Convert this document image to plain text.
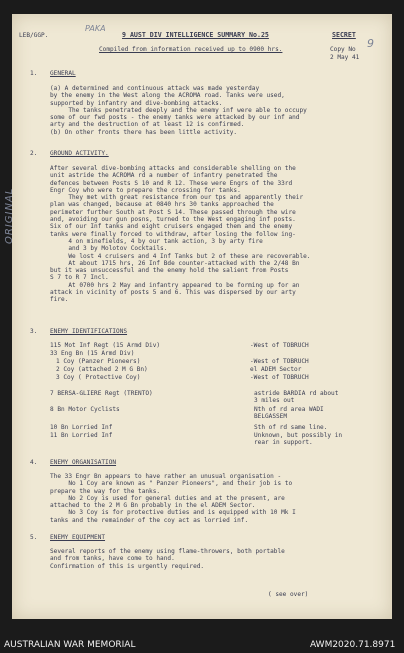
LEB/GGP.
PAKA
9 AUST DIV INTELLIGENCE SUMMARY No.25	SECRET
Compiled from information received up to 0900 hrs.	Copy No 9
2 May 41
ORIGINAL
1. GENERAL
(a) A determined and continuous attack was made yesterday
by the enemy in the West along the ACROMA road. Tanks were used,
supported by infantry and dive-bombing attacks.
The tanks penetrated deeply and the enemy inf were able to occupy
some of our fwd posts - the enemy tanks were attacked by our inf and
arty and the destruction of at least 12 is confirmed.
(b) On other fronts there has been little activity.
2. GROUND ACTIVITY.
After several dive-bombing attacks and considerable shelling on the
unit astride the ACROMA rd a number of infantry penetrated the
defences between Posts S 10 and R 12. These were Engrs of the 33rd
Engr Coy who were to prepare the crossing for tanks.
They met with great resistance from our tps and apparently their
plan was changed, because at 0840 hrs 30 tanks approached the
perimeter further South at Post S 14. These passed through the wire
and, avoiding our gun posns, turned to the West engaging inf posts.
Six of our Inf tanks and eight cruisers engaged them and the enemy
tanks were finally forced to withdraw, after losing the follow ing-
4 on minefields, 4 by our tank action, 3 by arty fire
and 3 by Molotov Cocktails.
We lost 4 cruisers and 4 Inf Tanks but 2 of these are recoverable.
At about 1715 hrs, 26 Inf Bde counter-attacked with the 2/48 Bn
but it was unsuccessful and the enemy hold the salient from Posts
S 7 to R 7 Incl.
At 0700 hrs 2 May and infantry appeared to be forming up for an
attack in vicinity of posts 5 and 6. This was dispersed by our arty
fire.
3. ENEMY IDENTIFICATIONS
115 Mot Inf Regt (15 Armd Div)	-West of TOBRUCH
33 Eng Bn (15 Armd Div)
1 Coy (Panzer Pioneers)	-West of TOBRUCH
2 Coy (attached 2 M G Bn)	el ADEM Sector
3 Coy ( Protective Coy)	-West of TOBRUCH
7 BERSA-GLIERE Regt (TRENTO)	astride BARDIA rd about
3 miles out
8 Bn Motor Cyclists	Nth of rd area WADI
BELGASSEM
10 Bn Lorried Inf	Sth of rd same line.
11 Bn Lorried Inf	Unknown, but possibly in
rear in support.
4. ENEMY ORGANISATION
The 33 Engr Bn appears to have rather an unusual organisation -
No 1 Coy are known as " Panzer Pioneers", and their job is to
prepare the way for the tanks.
No 2 Coy is used for general duties and at the present, are
attached to the 2 M G Bn probably in the el ADEM Sector.
No 3 Coy is for protective duties and is equipped with 10 Mk I
tanks and the remainder of the coy act as lorried inf.
5. ENEMY EQUIPMENT
Several reports of the enemy using flame-throwers, both portable
and from tanks, have come to hand.
Confirmation of this is urgently required.
( see over)
AUSTRALIAN WAR MEMORIAL	AWM2020.71.8971
